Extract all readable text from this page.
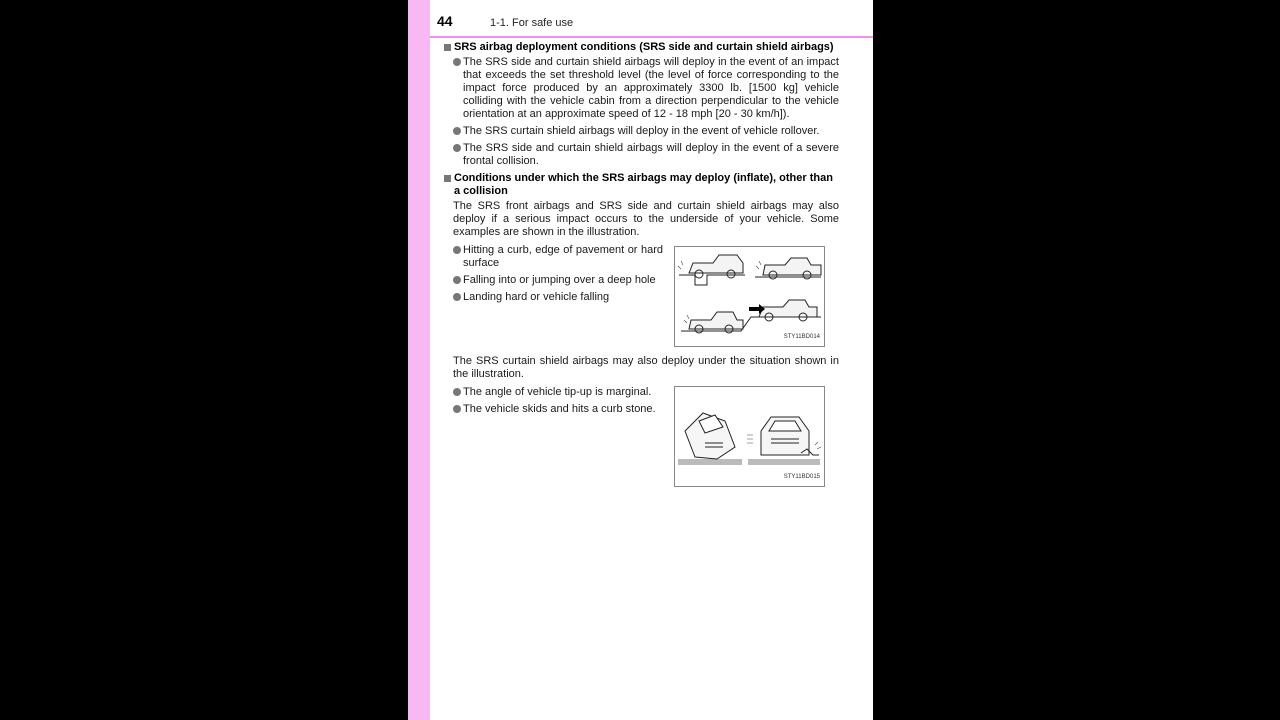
44	1-1. For safe use
SRS airbag deployment conditions (SRS side and curtain shield airbags)
The SRS side and curtain shield airbags will deploy in the event of an impact that exceeds the set threshold level (the level of force corresponding to the impact force produced by an approximately 3300 lb. [1500 kg] vehicle colliding with the vehicle cabin from a direction perpendicular to the vehicle orientation at an approximate speed of 12 - 18 mph [20 - 30 km/h]).
The SRS curtain shield airbags will deploy in the event of vehicle rollover.
The SRS side and curtain shield airbags will deploy in the event of a severe frontal collision.
Conditions under which the SRS airbags may deploy (inflate), other than a collision
The SRS front airbags and SRS side and curtain shield airbags may also deploy if a serious impact occurs to the underside of your vehicle. Some examples are shown in the illustration.
Hitting a curb, edge of pavement or hard surface
Falling into or jumping over a deep hole
Landing hard or vehicle falling
STY11BD014
The SRS curtain shield airbags may also deploy under the situation shown in the illustration.
The angle of vehicle tip-up is marginal.
The vehicle skids and hits a curb stone.
STY11BD015
